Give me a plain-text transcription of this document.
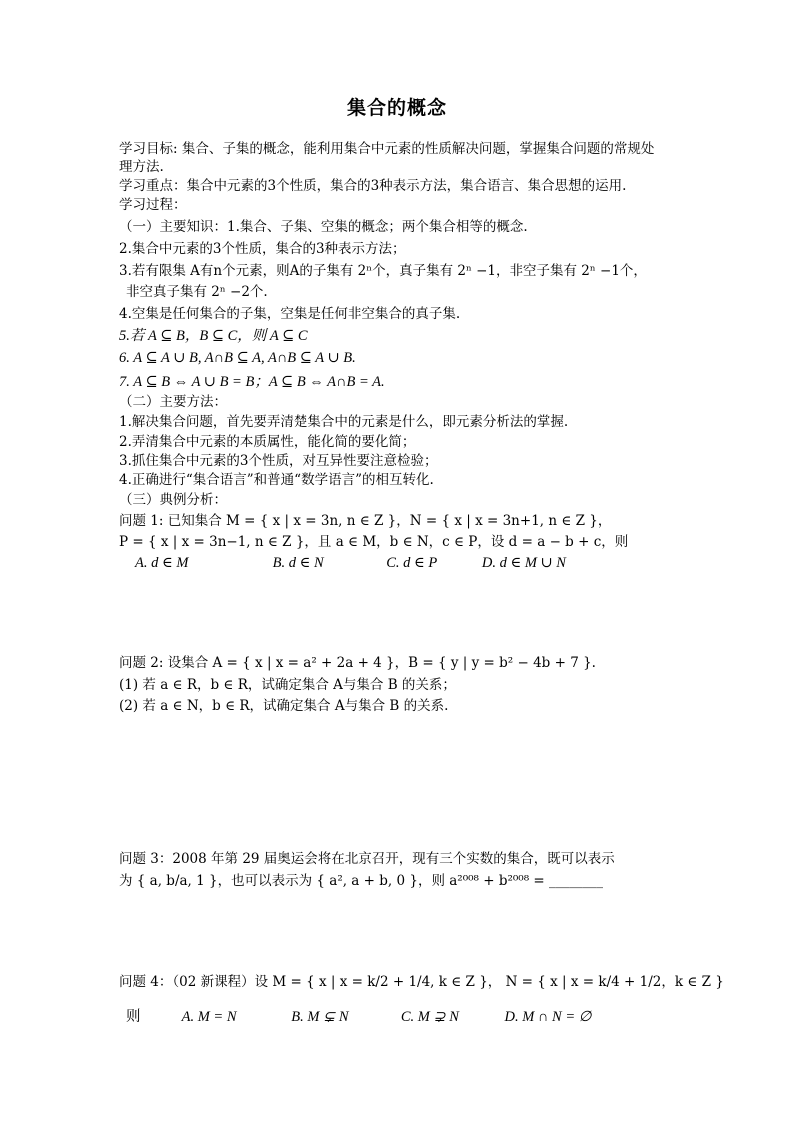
集合的概念
学习目标: 集合、子集的概念，能利用集合中元素的性质解决问题，掌握集合问题的常规处
理方法.
学习重点：集合中元素的3个性质，集合的3种表示方法，集合语言、集合思想的运用.
学习过程：
（一）主要知识：1.集合、子集、空集的概念；两个集合相等的概念.
2.集合中元素的3个性质，集合的3种表示方法；
3.若有限集 A有n个元素，则A的子集有 2ⁿ个，真子集有 2ⁿ −1，非空子集有 2ⁿ −1个，
非空真子集有 2ⁿ −2个.
4.空集是任何集合的子集，空集是任何非空集合的真子集.
5.若 A ⊆ B，B ⊆ C，则 A ⊆ C
6. A ⊆ A ∪ B, A∩B ⊆ A, A∩B ⊆ A ∪ B.
7. A ⊆ B ⇔ A ∪ B = B；A ⊆ B ⇔ A∩B = A.
（二）主要方法：
1.解决集合问题，首先要弄清楚集合中的元素是什么，即元素分析法的掌握.
2.弄清集合中元素的本质属性，能化简的要化简；
3.抓住集合中元素的3个性质，对互异性要注意检验；
4.正确进行“集合语言”和普通“数学语言”的相互转化.
（三）典例分析：
问题 1: 已知集合 M = { x | x = 3n, n ∈ Z }，N = { x | x = 3n+1, n ∈ Z }，
P = { x | x = 3n−1, n ∈ Z }，且 a ∈ M，b ∈ N，c ∈ P，设 d = a − b + c，则
A. d ∈ M	B. d ∈ N	C. d ∈ P	D. d ∈ M ∪ N
问题 2: 设集合 A = { x | x = a² + 2a + 4 }，B = { y | y = b² − 4b + 7 }.
(1) 若 a ∈ R，b ∈ R，试确定集合 A与集合 B 的关系；
(2) 若 a ∈ N，b ∈ R，试确定集合 A与集合 B 的关系.
问题 3：2008 年第 29 届奥运会将在北京召开，现有三个实数的集合，既可以表示
为 { a, b/a, 1 }，也可以表示为 { a², a + b, 0 }，则 a²⁰⁰⁸ + b²⁰⁰⁸ = ________
问题 4：（02 新课程）设 M = { x | x = k/2 + 1/4, k ∈ Z }， N = { x | x = k/4 + 1/2，k ∈ Z }
则	A. M = N	B. M ⊊ N	C. M ⊋ N	D. M ∩ N = ∅
